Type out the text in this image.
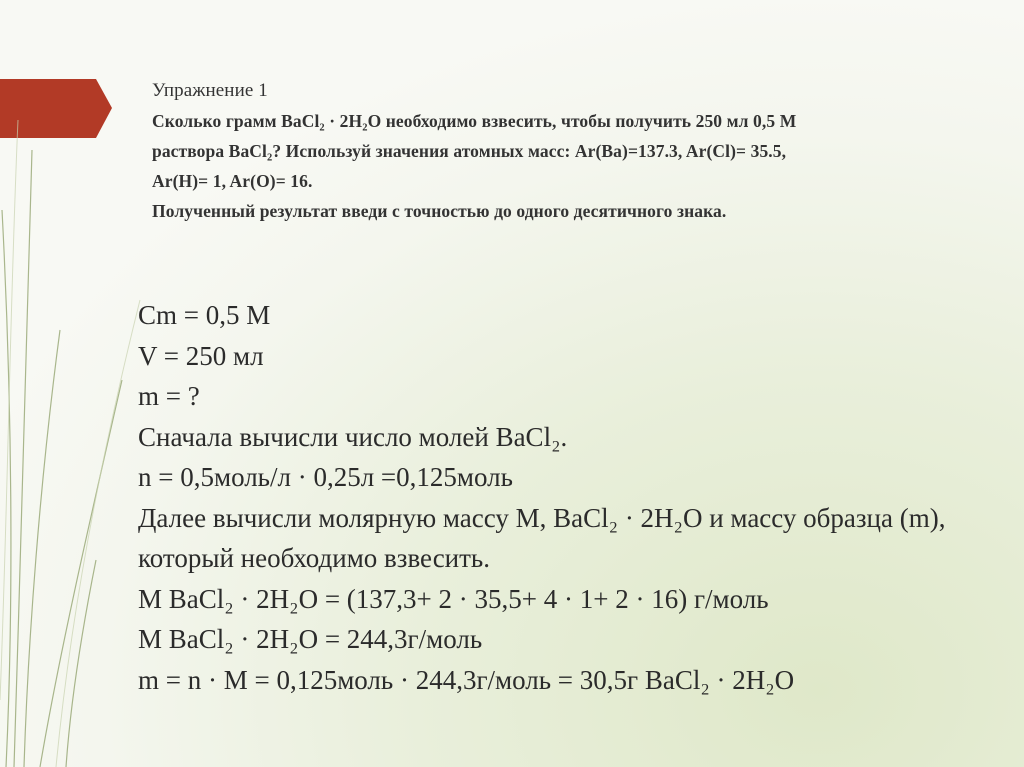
Упражнение 1
Сколько грамм BaCl₂ · 2H₂O необходимо взвесить, чтобы получить 250 мл 0,5 М
раствора BaCl₂? Используй значения атомных масс: Ar(Ba)=137.3, Ar(Cl)= 35.5,
Ar(H)= 1, Ar(O)= 16.
Полученный результат введи с точностью до одного десятичного знака.
Cm = 0,5 M
V = 250 мл
m = ?
Сначала вычисли число молей BaCl₂.
n = 0,5моль/л · 0,25л =0,125моль
Далее вычисли молярную массу M, BaCl₂ · 2H₂O и массу образца (m),
который необходимо взвесить.
M BaCl₂ · 2H₂O = (137,3+ 2 · 35,5+ 4 · 1+ 2 · 16) г/моль
M BaCl₂ · 2H₂O = 244,3г/моль
m = n · M = 0,125моль · 244,3г/моль = 30,5г BaCl₂ · 2H₂O
